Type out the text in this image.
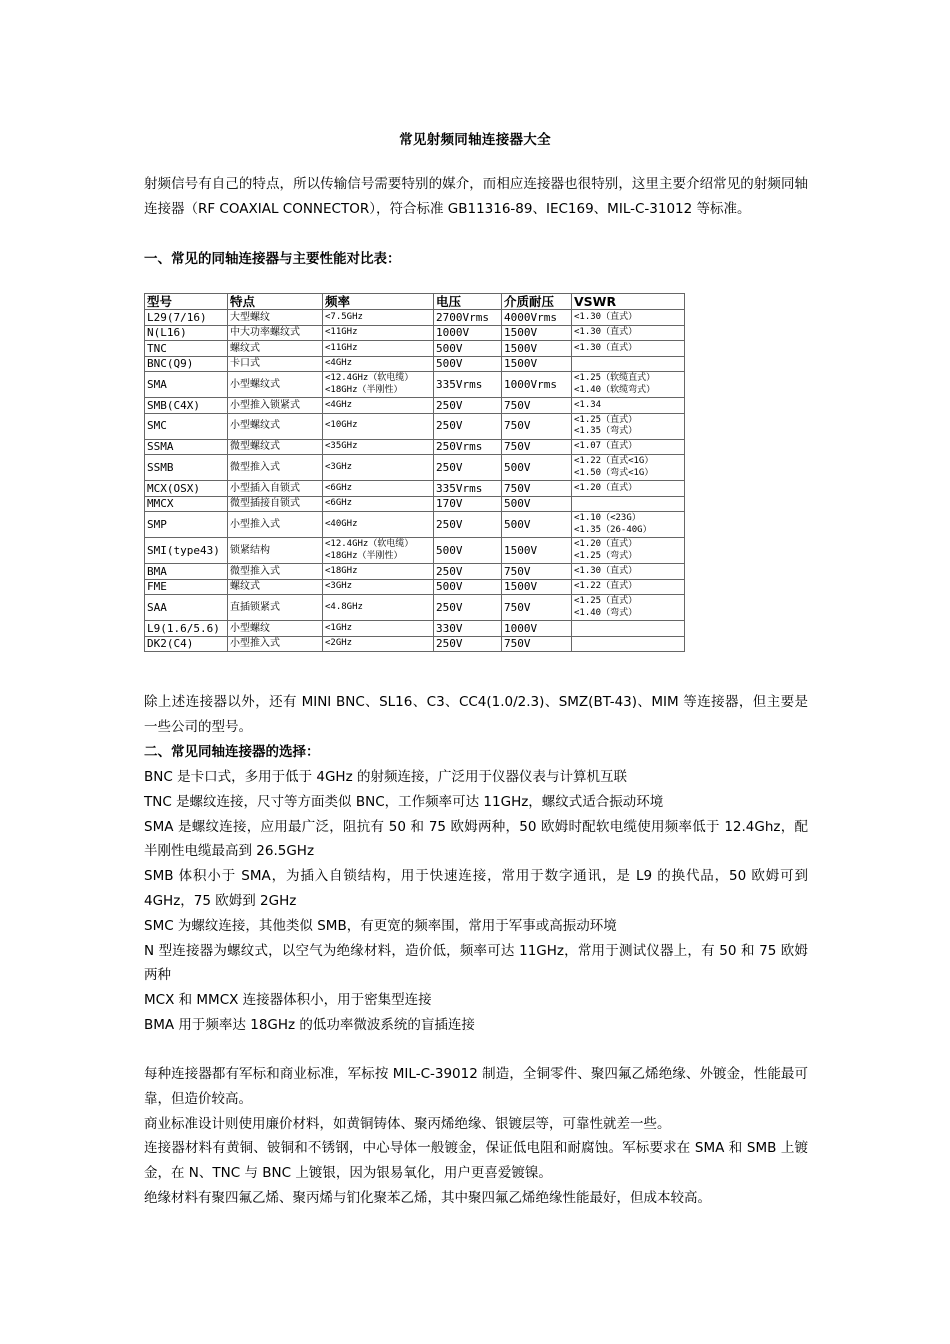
常见射频同轴连接器大全
射频信号有自己的特点，所以传输信号需要特别的媒介，而相应连接器也很特别，这里主要介绍常见的射频同轴连接器（RF COAXIAL CONNECTOR），符合标准 GB11316-89、IEC169、MIL-C-31012 等标准。
一、常见的同轴连接器与主要性能对比表：
型号	特点	频率	电压	介质耐压	VSWR
L29(7/16)	大型螺纹	<7.5GHz	2700Vrms	4000Vrms	<1.30（直式）

N(L16)	中大功率螺纹式	<11GHz	1000V	1500V	<1.30（直式）

TNC	螺纹式	<11GHz	500V	1500V	<1.30（直式）

BNC(Q9)	卡口式	<4GHz	500V	1500V	

SMA	小型螺纹式	<12.4GHz（软电缆）
<18GHz（半刚性）	335Vrms	1000Vrms	<1.25（软缆直式）
<1.40（软缆弯式）

SMB(C4X)	小型推入锁紧式	<4GHz	250V	750V	<1.34

SMC	小型螺纹式	<10GHz	250V	750V	<1.25（直式）
<1.35（弯式）

SSMA	微型螺纹式	<35GHz	250Vrms	750V	<1.07（直式）

SSMB	微型推入式	<3GHz	250V	500V	<1.22（直式<1G）
<1.50（弯式<1G）

MCX(OSX)	小型插入自锁式	<6GHz	335Vrms	750V	<1.20（直式）

MMCX	微型插接自锁式	<6GHz	170V	500V	

SMP	小型推入式	<40GHz	250V	500V	<1.10（<23G）
<1.35（26-40G）

SMI(type43)	锁紧结构	<12.4GHz（软电缆）
<18GHz（半刚性）	500V	1500V	<1.20（直式）
<1.25（弯式）

BMA	微型推入式	<18GHz	250V	750V	<1.30（直式）

FME	螺纹式	<3GHz	500V	1500V	<1.22（直式）

SAA	直插锁紧式	<4.8GHz	250V	750V	<1.25（直式）
<1.40（弯式）

L9(1.6/5.6)	小型螺纹	<1GHz	330V	1000V	

DK2(C4)	小型推入式	<2GHz	250V	750V	
除上述连接器以外，还有 MINI BNC、SL16、C3、CC4(1.0/2.3)、SMZ(BT-43)、MIM 等连接器，但主要是一些公司的型号。
二、常见同轴连接器的选择：
BNC 是卡口式，多用于低于 4GHz 的射频连接，广泛用于仪器仪表与计算机互联
TNC 是螺纹连接，尺寸等方面类似 BNC，工作频率可达 11GHz，螺纹式适合振动环境
SMA 是螺纹连接，应用最广泛，阻抗有 50 和 75 欧姆两种，50 欧姆时配软电缆使用频率低于 12.4Ghz，配半刚性电缆最高到 26.5GHz
SMB 体积小于 SMA，为插入自锁结构，用于快速连接，常用于数字通讯，是 L9 的换代品，50 欧姆可到 4GHz，75 欧姆到 2GHz
SMC 为螺纹连接，其他类似 SMB，有更宽的频率围，常用于军事或高振动环境
N 型连接器为螺纹式，以空气为绝缘材料，造价低，频率可达 11GHz，常用于测试仪器上，有 50 和 75 欧姆两种
MCX 和 MMCX 连接器体积小，用于密集型连接
BMA 用于频率达 18GHz 的低功率微波系统的盲插连接
每种连接器都有军标和商业标准，军标按 MIL-C-39012 制造，全铜零件、聚四氟乙烯绝缘、外镀金，性能最可靠，但造价较高。
商业标准设计则使用廉价材料，如黄铜铸体、聚丙烯绝缘、银镀层等，可靠性就差一些。
连接器材料有黄铜、铍铜和不锈钢，中心导体一般镀金，保证低电阻和耐腐蚀。军标要求在 SMA 和 SMB 上镀金，在 N、TNC 与 BNC 上镀银，因为银易氧化，用户更喜爱镀镍。
绝缘材料有聚四氟乙烯、聚丙烯与钔化聚苯乙烯，其中聚四氟乙烯绝缘性能最好，但成本较高。
